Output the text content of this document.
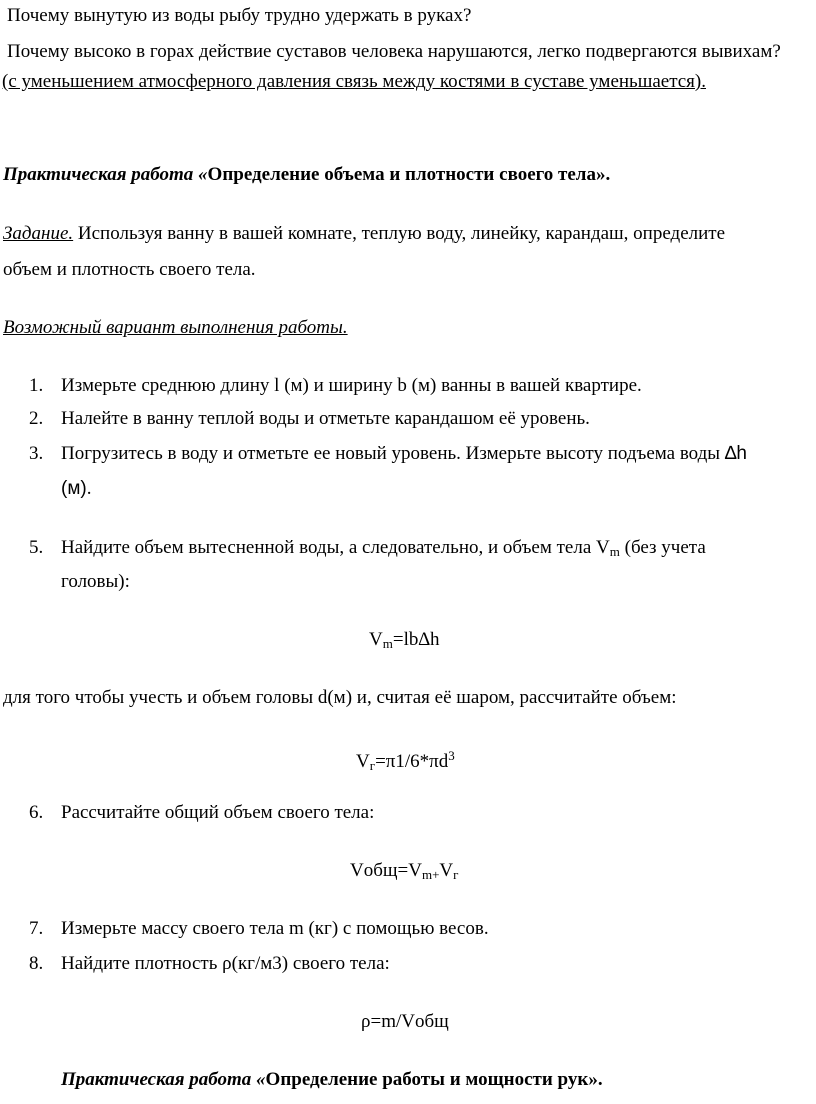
Почему вынутую из воды рыбу трудно удержать в руках?
Почему высоко в горах действие суставов человека нарушаются, легко подвергаются вывихам?
(с уменьшением атмосферного давления связь между костями в суставе уменьшается).
Практическая работа «Определение объема и плотности своего тела».
Задание. Используя ванну в вашей комнате, теплую воду, линейку, карандаш, определите
объем и плотность своего тела.
Возможный вариант выполнения работы.
1. Измерьте среднюю длину l (м) и ширину b (м) ванны в вашей квартире.
2. Налейте в ванну теплой воды и отметьте карандашом её уровень.
3. Погрузитесь в воду и отметьте ее новый уровень. Измерьте высоту подъема воды ∆h
(м).
5. Найдите объем вытесненной воды, а следовательно, и объем тела $V_m$ (без учета
головы):
$V_m=lb\Delta h$
для того чтобы учесть и объем головы d(м) и, считая её шаром, рассчитайте объем:
$V_г=\pi 1/6*\pi d^3$
6. Рассчитайте общий объем своего тела:
$Vобщ=V_{m+}V_г$
7. Измерьте массу своего тела m (кг) с помощью весов.
8. Найдите плотность ρ(кг/м3) своего тела:
ρ=m/Vобщ
Практическая работа «Определение работы и мощности рук».
